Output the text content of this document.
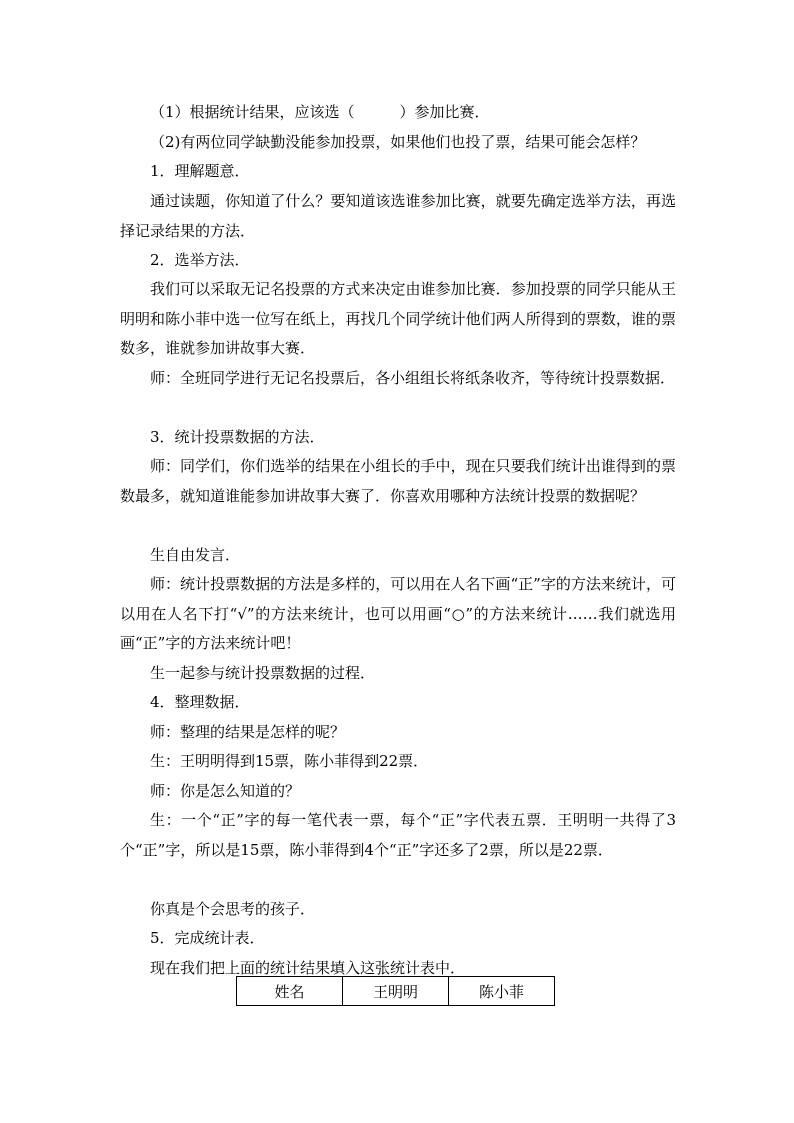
（1）根据统计结果，应该选（　　　）参加比赛．

（2)有两位同学缺勤没能参加投票，如果他们也投了票，结果可能会怎样？

1．理解题意．

通过读题，你知道了什么？要知道该选谁参加比赛，就要先确定选举方法，再选择记录结果的方法．

2．选举方法．

我们可以采取无记名投票的方式来决定由谁参加比赛．参加投票的同学只能从王明明和陈小菲中选一位写在纸上，再找几个同学统计他们两人所得到的票数，谁的票数多，谁就参加讲故事大赛．

师：全班同学进行无记名投票后，各小组组长将纸条收齐，等待统计投票数据．

3．统计投票数据的方法．

师：同学们，你们选举的结果在小组长的手中，现在只要我们统计出谁得到的票数最多，就知道谁能参加讲故事大赛了．你喜欢用哪种方法统计投票的数据呢？

生自由发言．

师：统计投票数据的方法是多样的，可以用在人名下画“正”字的方法来统计，可以用在人名下打“√”的方法来统计，也可以用画“○”的方法来统计……我们就选用画“正”字的方法来统计吧！

生一起参与统计投票数据的过程．

4．整理数据．

师：整理的结果是怎样的呢？

生：王明明得到15票，陈小菲得到22票．

师：你是怎么知道的？

生：一个“正”字的每一笔代表一票，每个“正”字代表五票．王明明一共得了3个“正”字，所以是15票，陈小菲得到4个“正”字还多了2票，所以是22票．

你真是个会思考的孩子．

5．完成统计表．

现在我们把上面的统计结果填入这张统计表中．

姓名	王明明	陈小菲
